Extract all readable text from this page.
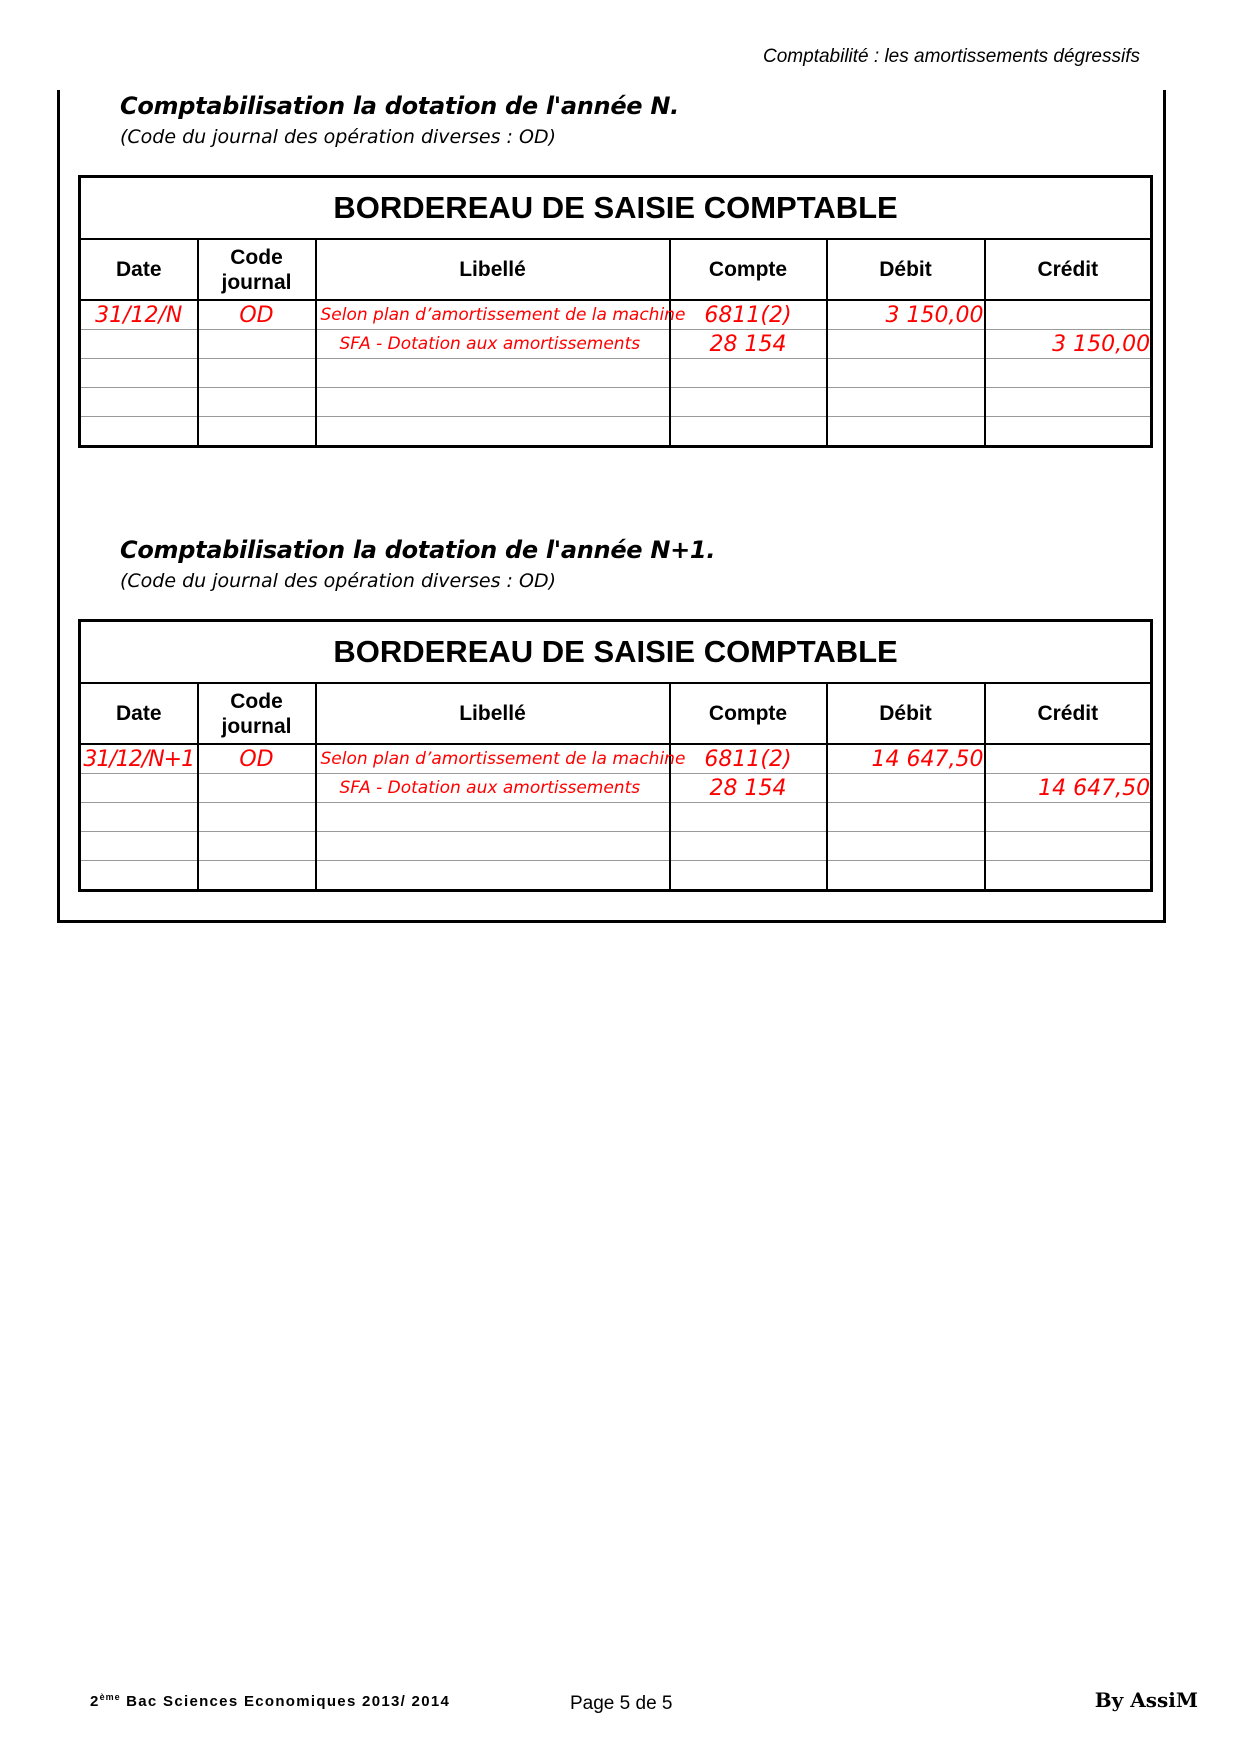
Comptabilité : les amortissements dégressifs
Comptabilisation la dotation de l'année N.
(Code du journal des opération diverses : OD)
BORDEREAU DE SAISIE COMPTABLE					
Date	Code journal	Libellé	Compte	Débit	Crédit
31/12/N	OD	Selon plan d’amortissement de la machine	6811(2)	3 150,00	
		SFA - Dotation aux amortissements	28 154		3 150,00

Comptabilisation la dotation de l'année N+1.
(Code du journal des opération diverses : OD)
BORDEREAU DE SAISIE COMPTABLE					
Date	Code journal	Libellé	Compte	Débit	Crédit
31/12/N+1	OD	Selon plan d’amortissement de la machine	6811(2)	14 647,50	
		SFA - Dotation aux amortissements	28 154		14 647,50

2ème Bac Sciences Economiques 2013/ 2014	Page 5 de 5	By AssiM
